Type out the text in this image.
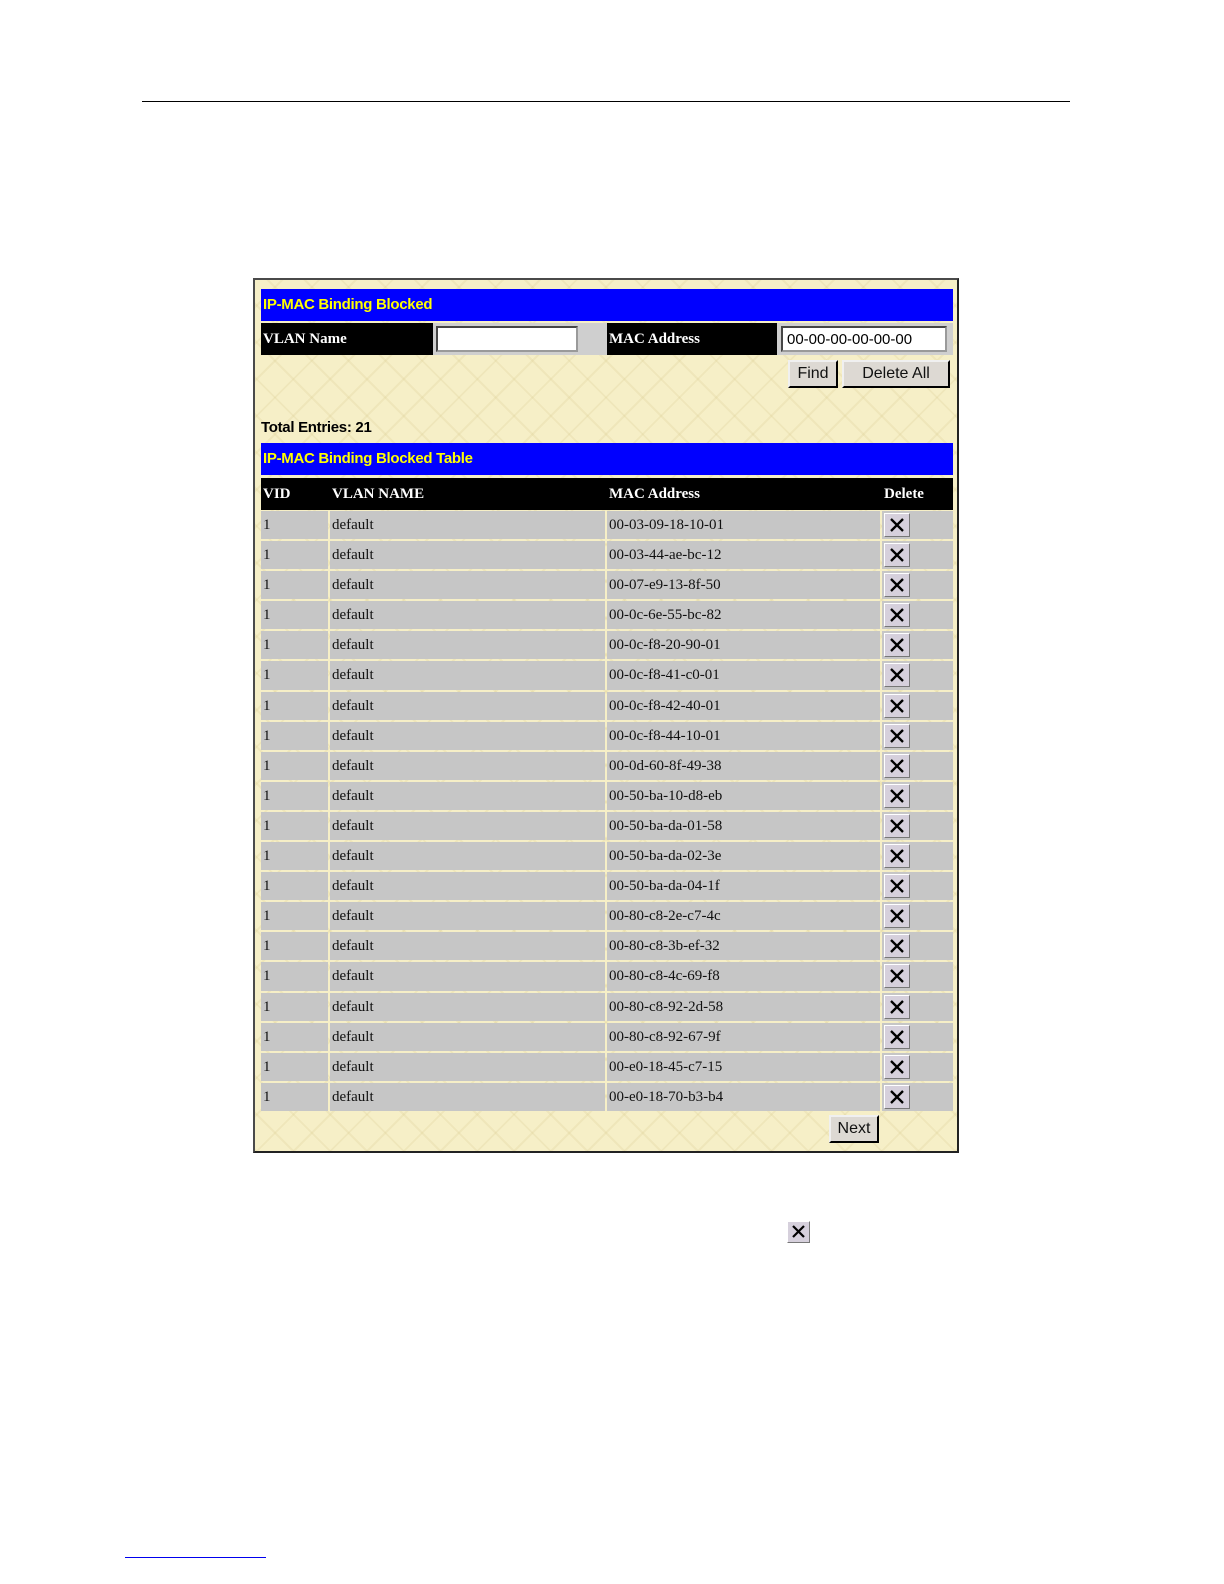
IP-MAC Binding Blocked
VLAN Name	MAC Address
00-00-00-00-00-00
Find	Delete All
Total Entries: 21
IP-MAC Binding Blocked Table
VID	VLAN NAME	MAC Address	Delete
1	default	00-03-09-18-10-01
1	default	00-03-44-ae-bc-12
1	default	00-07-e9-13-8f-50
1	default	00-0c-6e-55-bc-82
1	default	00-0c-f8-20-90-01
1	default	00-0c-f8-41-c0-01
1	default	00-0c-f8-42-40-01
1	default	00-0c-f8-44-10-01
1	default	00-0d-60-8f-49-38
1	default	00-50-ba-10-d8-eb
1	default	00-50-ba-da-01-58
1	default	00-50-ba-da-02-3e
1	default	00-50-ba-da-04-1f
1	default	00-80-c8-2e-c7-4c
1	default	00-80-c8-3b-ef-32
1	default	00-80-c8-4c-69-f8
1	default	00-80-c8-92-2d-58
1	default	00-80-c8-92-67-9f
1	default	00-e0-18-45-c7-15
1	default	00-e0-18-70-b3-b4
Next
